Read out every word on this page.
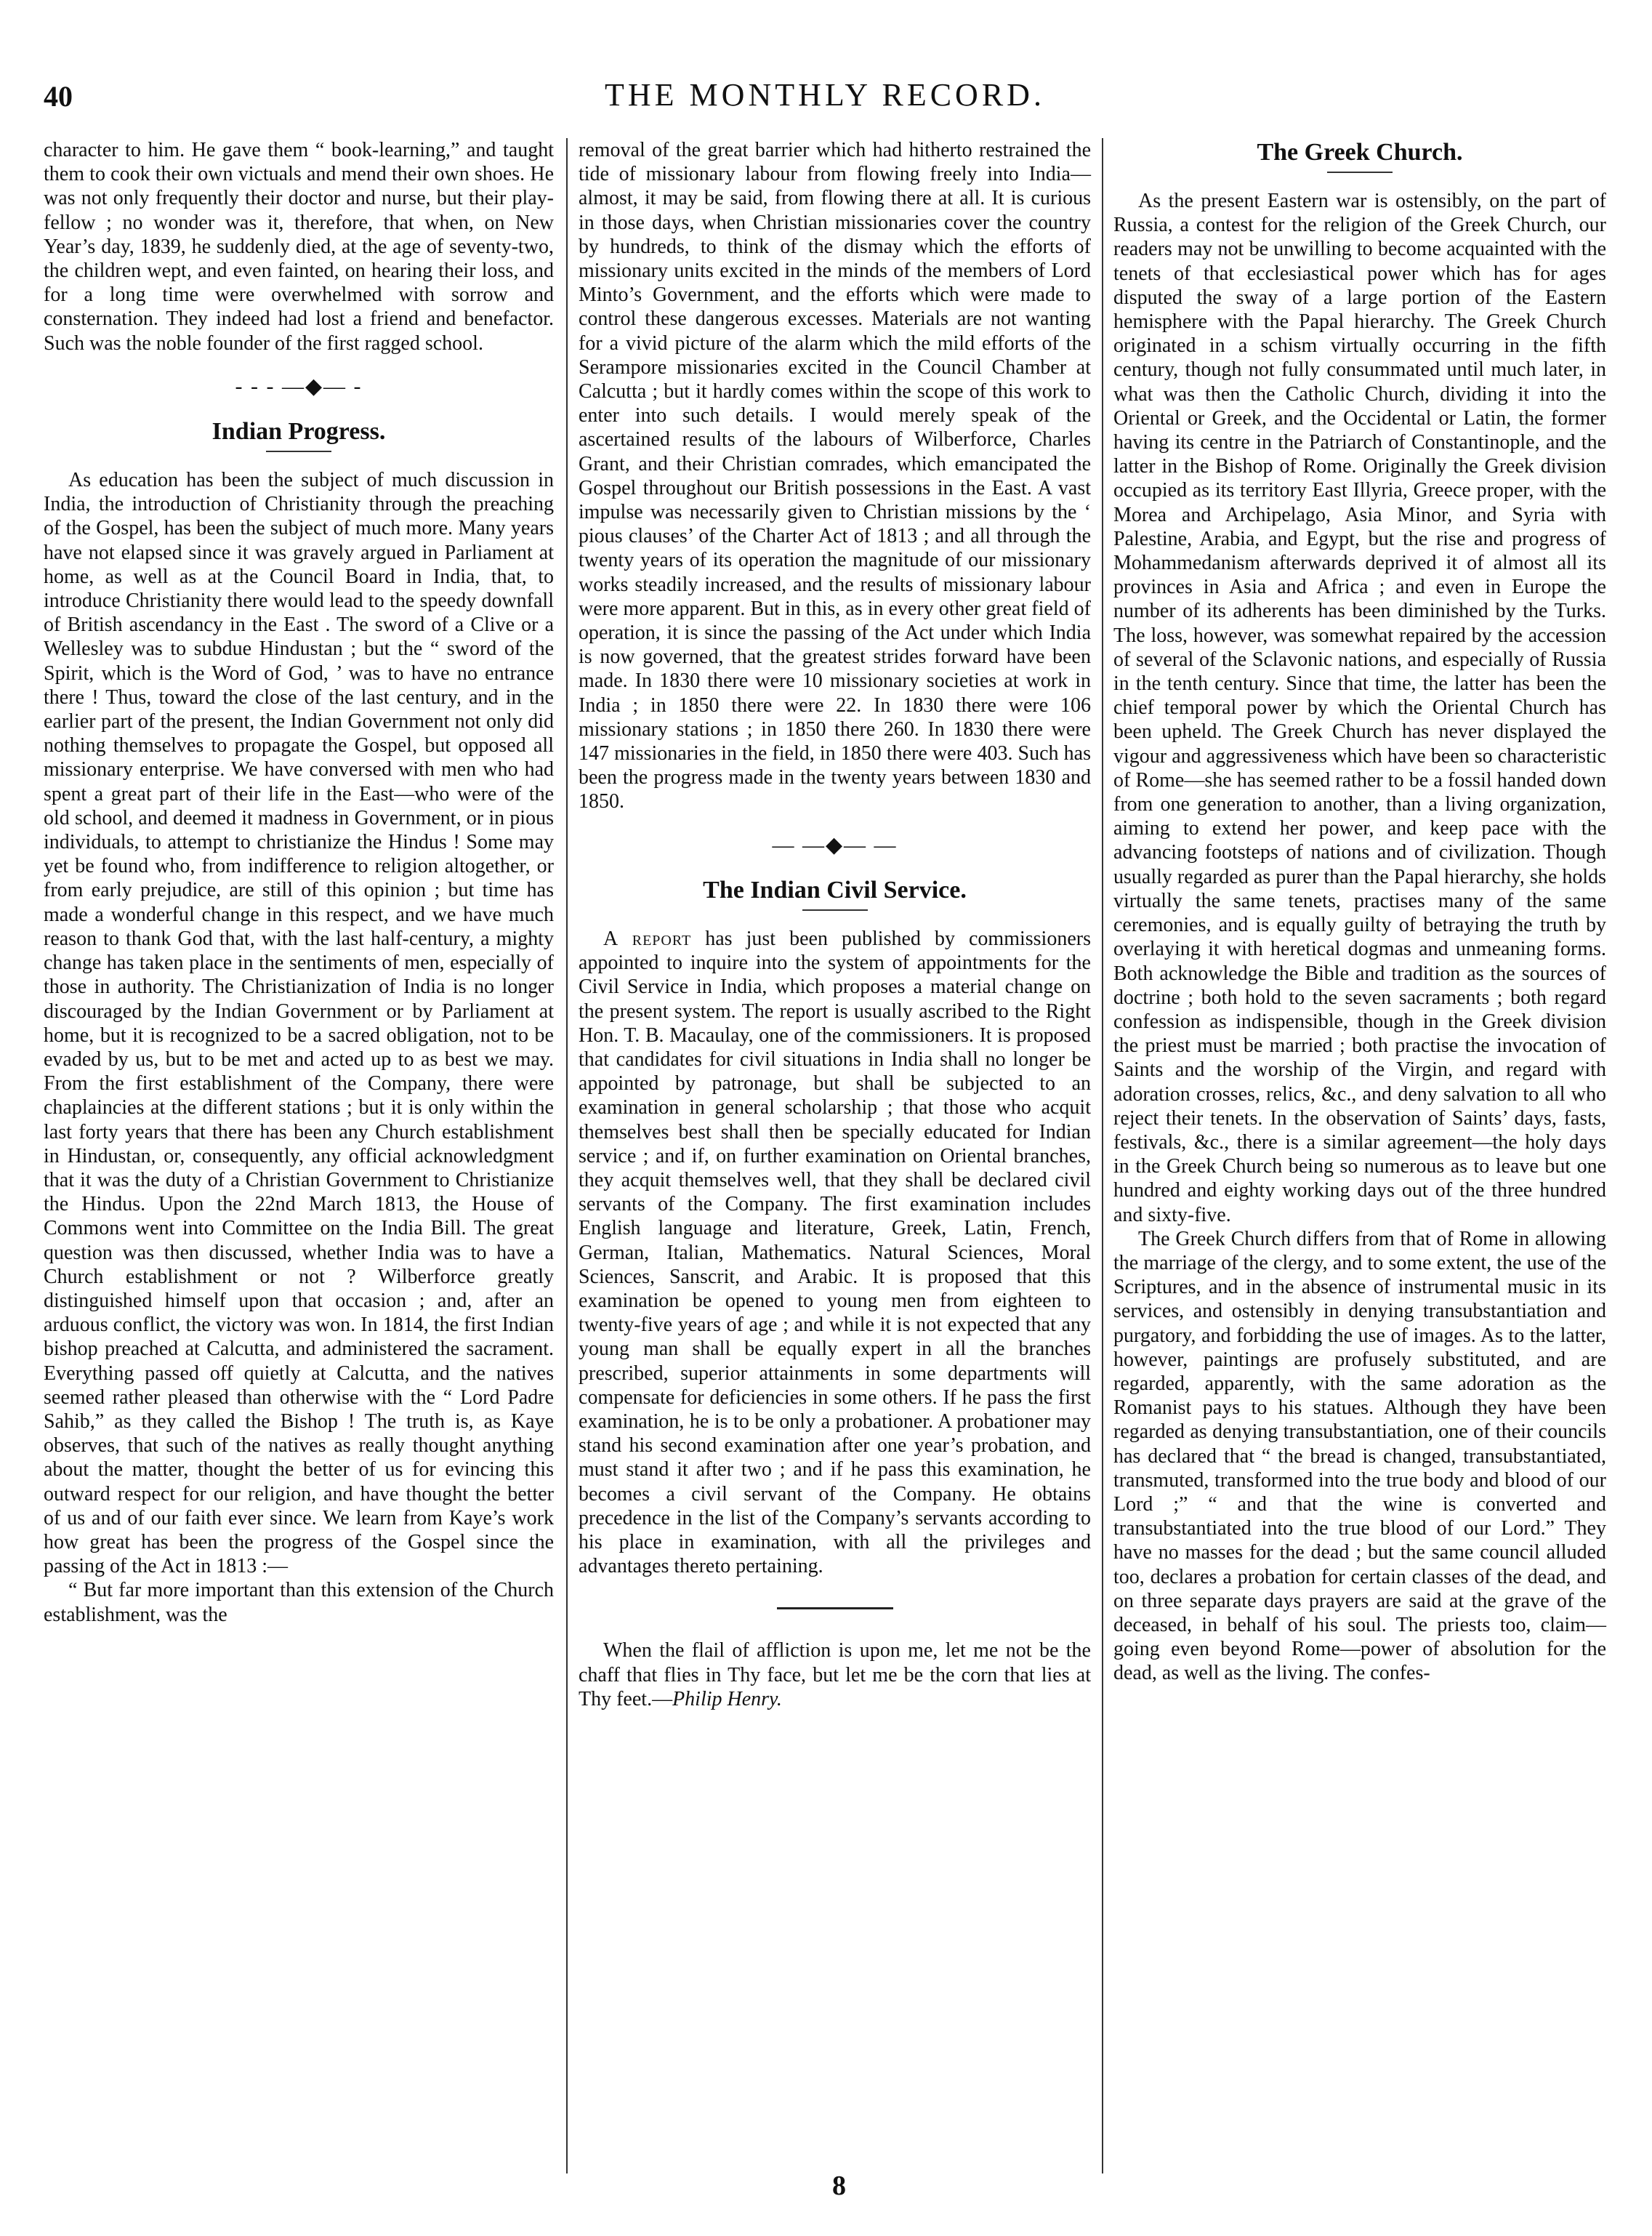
40	THE MONTHLY RECORD.

character to him. He gave them “ book-learning,” and taught them to cook their own victuals and mend their own shoes. He was not only frequently their doctor and nurse, but their play-fellow ; no wonder was it, therefore, that when, on New Year’s day, 1839, he suddenly died, at the age of seventy-two, the children wept, and even fainted, on hearing their loss, and for a long time were overwhelmed with sorrow and consternation. They indeed had lost a friend and benefactor. Such was the noble founder of the first ragged school.

- - - —◆— -
Indian Progress.

As education has been the subject of much discussion in India, the introduction of Christianity through the preaching of the Gospel, has been the subject of much more. Many years have not elapsed since it was gravely argued in Parliament at home, as well as at the Council Board in India, that, to introduce Christianity there would lead to the speedy downfall of British ascendancy in the East . The sword of a Clive or a Wellesley was to subdue Hindustan ; but the “ sword of the Spirit, which is the Word of God, ’ was to have no entrance there ! Thus, toward the close of the last century, and in the earlier part of the present, the Indian Government not only did nothing themselves to propagate the Gospel, but opposed all missionary enterprise. We have conversed with men who had spent a great part of their life in the East—who were of the old school, and deemed it madness in Government, or in pious individuals, to attempt to christianize the Hindus ! Some may yet be found who, from indifference to religion altogether, or from early prejudice, are still of this opinion ; but time has made a wonderful change in this respect, and we have much reason to thank God that, with the last half-century, a mighty change has taken place in the sentiments of men, especially of those in authority. The Christianization of India is no longer discouraged by the Indian Government or by Parliament at home, but it is recognized to be a sacred obligation, not to be evaded by us, but to be met and acted up to as best we may. From the first establishment of the Company, there were chaplaincies at the different stations ; but it is only within the last forty years that there has been any Church establishment in Hindustan, or, consequently, any official acknowledgment that it was the duty of a Christian Government to Christianize the Hindus. Upon the 22nd March 1813, the House of Commons went into Committee on the India Bill. The great question was then discussed, whether India was to have a Church establishment or not ? Wilberforce greatly distinguished himself upon that occasion ; and, after an arduous conflict, the victory was won. In 1814, the first Indian bishop preached at Calcutta, and administered the sacrament. Everything passed off quietly at Calcutta, and the natives seemed rather pleased than otherwise with the “ Lord Padre Sahib,” as they called the Bishop ! The truth is, as Kaye observes, that such of the natives as really thought anything about the matter, thought the better of us for evincing this outward respect for our religion, and have thought the better of us and of our faith ever since. We learn from Kaye’s work how great has been the progress of the Gospel since the passing of the Act in 1813 :—

“ But far more important than this extension of the Church establishment, was the

removal of the great barrier which had hitherto restrained the tide of missionary labour from flowing freely into India—almost, it may be said, from flowing there at all. It is curious in those days, when Christian missionaries cover the country by hundreds, to think of the dismay which the efforts of missionary units excited in the minds of the members of Lord Minto’s Government, and the efforts which were made to control these dangerous excesses. Materials are not wanting for a vivid picture of the alarm which the mild efforts of the Serampore missionaries excited in the Council Chamber at Calcutta ; but it hardly comes within the scope of this work to enter into such details. I would merely speak of the ascertained results of the labours of Wilberforce, Charles Grant, and their Christian comrades, which emancipated the Gospel throughout our British possessions in the East. A vast impulse was necessarily given to Christian missions by the ‘ pious clauses’ of the Charter Act of 1813 ; and all through the twenty years of its operation the magnitude of our missionary works steadily increased, and the results of missionary labour were more apparent. But in this, as in every other great field of operation, it is since the passing of the Act under which India is now governed, that the greatest strides forward have been made. In 1830 there were 10 missionary societies at work in India ; in 1850 there were 22. In 1830 there were 106 missionary stations ; in 1850 there 260. In 1830 there were 147 missionaries in the field, in 1850 there were 403. Such has been the progress made in the twenty years between 1830 and 1850.

— —◆— —
The Indian Civil Service.

A report has just been published by commissioners appointed to inquire into the system of appointments for the Civil Service in India, which proposes a material change on the present system. The report is usually ascribed to the Right Hon. T. B. Macaulay, one of the commissioners. It is proposed that candidates for civil situations in India shall no longer be appointed by patronage, but shall be subjected to an examination in general scholarship ; that those who acquit themselves best shall then be specially educated for Indian service ; and if, on further examination on Oriental branches, they acquit themselves well, that they shall be declared civil servants of the Company. The first examination includes English language and literature, Greek, Latin, French, German, Italian, Mathematics. Natural Sciences, Moral Sciences, Sanscrit, and Arabic. It is proposed that this examination be opened to young men from eighteen to twenty-five years of age ; and while it is not expected that any young man shall be equally expert in all the branches prescribed, superior attainments in some departments will compensate for deficiencies in some others. If he pass the first examination, he is to be only a probationer. A probationer may stand his second examination after one year’s probation, and must stand it after two ; and if he pass this examination, he becomes a civil servant of the Company. He obtains precedence in the list of the Company’s servants according to his place in examination, with all the privileges and advantages thereto pertaining.

When the flail of affliction is upon me, let me not be the chaff that flies in Thy face, but let me be the corn that lies at Thy feet.—Philip Henry.

The Greek Church.

As the present Eastern war is ostensibly, on the part of Russia, a contest for the religion of the Greek Church, our readers may not be unwilling to become acquainted with the tenets of that ecclesiastical power which has for ages disputed the sway of a large portion of the Eastern hemisphere with the Papal hierarchy. The Greek Church originated in a schism virtually occurring in the fifth century, though not fully consummated until much later, in what was then the Catholic Church, dividing it into the Oriental or Greek, and the Occidental or Latin, the former having its centre in the Patriarch of Constantinople, and the latter in the Bishop of Rome. Originally the Greek division occupied as its territory East Illyria, Greece proper, with the Morea and Archipelago, Asia Minor, and Syria with Palestine, Arabia, and Egypt, but the rise and progress of Mohammedanism afterwards deprived it of almost all its provinces in Asia and Africa ; and even in Europe the number of its adherents has been diminished by the Turks. The loss, however, was somewhat repaired by the accession of several of the Sclavonic nations, and especially of Russia in the tenth century. Since that time, the latter has been the chief temporal power by which the Oriental Church has been upheld. The Greek Church has never displayed the vigour and aggressiveness which have been so characteristic of Rome—she has seemed rather to be a fossil handed down from one generation to another, than a living organization, aiming to extend her power, and keep pace with the advancing footsteps of nations and of civilization. Though usually regarded as purer than the Papal hierarchy, she holds virtually the same tenets, practises many of the same ceremonies, and is equally guilty of betraying the truth by overlaying it with heretical dogmas and unmeaning forms. Both acknowledge the Bible and tradition as the sources of doctrine ; both hold to the seven sacraments ; both regard confession as indispensible, though in the Greek division the priest must be married ; both practise the invocation of Saints and the worship of the Virgin, and regard with adoration crosses, relics, &c., and deny salvation to all who reject their tenets. In the observation of Saints’ days, fasts, festivals, &c., there is a similar agreement—the holy days in the Greek Church being so numerous as to leave but one hundred and eighty working days out of the three hundred and sixty-five.

The Greek Church differs from that of Rome in allowing the marriage of the clergy, and to some extent, the use of the Scriptures, and in the absence of instrumental music in its services, and ostensibly in denying transubstantiation and purgatory, and forbidding the use of images. As to the latter, however, paintings are profusely substituted, and are regarded, apparently, with the same adoration as the Romanist pays to his statues. Although they have been regarded as denying transubstantiation, one of their councils has declared that “ the bread is changed, transubstantiated, transmuted, transformed into the true body and blood of our Lord ;” “ and that the wine is converted and transubstantiated into the true blood of our Lord.” They have no masses for the dead ; but the same council alluded too, declares a probation for certain classes of the dead, and on three separate days prayers are said at the grave of the deceased, in behalf of his soul. The priests too, claim—going even beyond Rome—power of absolution for the dead, as well as the living. The confes-

8
